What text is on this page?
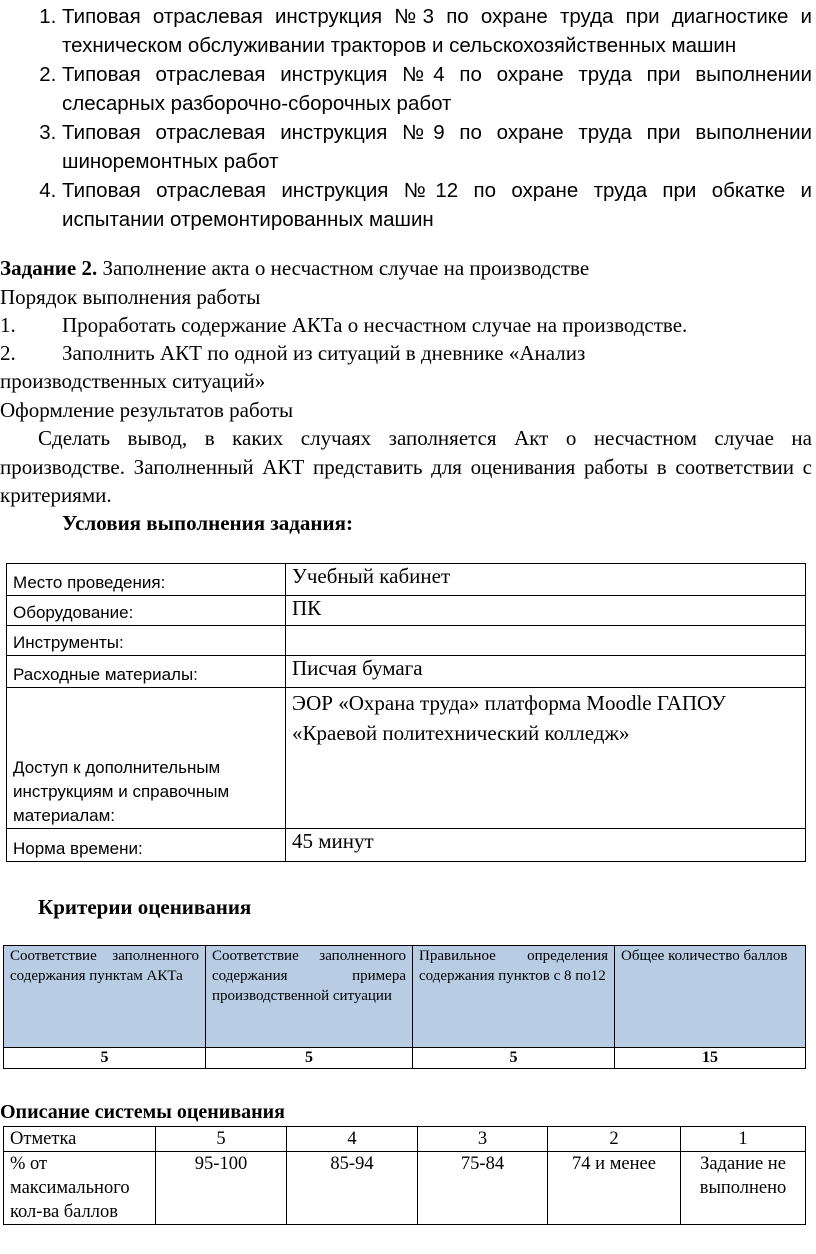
1. Типовая отраслевая инструкция №3 по охране труда при диагностике и техническом обслуживании тракторов и сельскохозяйственных машин
2. Типовая отраслевая инструкция №4 по охране труда при выполнении слесарных разборочно-сборочных работ
3. Типовая отраслевая инструкция №9 по охране труда при выполнении шиноремонтных работ
4. Типовая отраслевая инструкция №12 по охране труда при обкатке и испытании отремонтированных машин
Задание 2. Заполнение акта о несчастном случае на производстве
Порядок выполнения работы
1. Проработать содержание АКТа о несчастном случае на производстве.
2. Заполнить АКТ по одной из ситуаций в дневнике «Анализ
производственных ситуаций»
Оформление результатов работы
Сделать вывод, в каких случаях заполняется Акт о несчастном случае на производстве. Заполненный АКТ представить для оценивания работы в соответствии с критериями.
Условия выполнения задания:
Место проведения:	Учебный кабинет
Оборудование:	ПК
Инструменты:	
Расходные материалы:	Писчая бумага
Доступ к дополнительным инструкциям и справочным материалам:	ЭОР «Охрана труда» платформа Moodle ГАПОУ «Краевой политехнический колледж»
Норма времени:	45 минут
Критерии оценивания
Соответствие заполненного содержания пунктам АКТа	Соответствие заполненного содержания примера производственной ситуации	Правильное определения содержания пунктов с 8 по12	Общее количество баллов
5	5	5	15
Описание системы оценивания
Отметка	5	4	3	2	1
% от максимального кол-ва баллов	95-100	85-94	75-84	74 и менее	Задание не выполнено
